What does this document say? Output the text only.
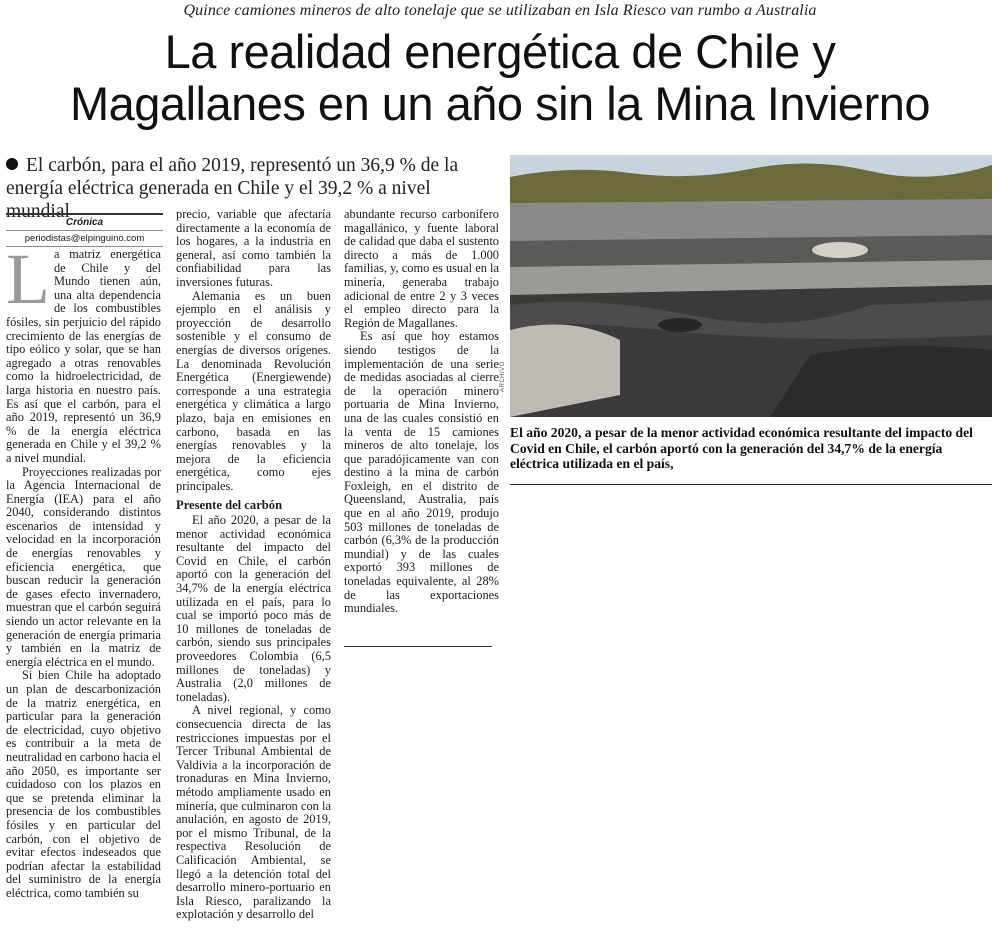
Quince camiones mineros de alto tonelaje que se utilizaban en Isla Riesco van rumbo a Australia
La realidad energética de Chile y
Magallanes en un año sin la Mina Invierno
El carbón, para el año 2019, representó un 36,9 % de la energía eléctrica generada en Chile y el 39,2 % a nivel mundial
Crónica
periodistas@elpinguino.com
L a matriz energética de Chile y del Mundo tienen aún, una alta dependencia de los combustibles fósiles, sin perjuicio del rápido crecimiento de las energías de tipo eólico y solar, que se han agregado a otras renovables como la hidroelectricidad, de larga historia en nuestro país. Es así que el carbón, para el año 2019, representó un 36,9 % de la energía eléctrica generada en Chile y el 39,2 % a nivel mundial.

Proyecciones realizadas por la Agencia Internacional de Energía (IEA) para el año 2040, considerando distintos escenarios de intensidad y velocidad en la incorporación de energías renovables y eficiencia energética, que buscan reducir la generación de gases efecto invernadero, muestran que el carbón seguirá siendo un actor relevante en la generación de energía primaria y también en la matriz de energía eléctrica en el mundo.

Si bien Chile ha adoptado un plan de descarbonización de la matriz energética, en particular para la generación de electricidad, cuyo objetivo es contribuir a la meta de neutralidad en carbono hacia el año 2050, es importante ser cuidadoso con los plazos en que se pretenda eliminar la presencia de los combustibles fósiles y en particular del carbón, con el objetivo de evitar efectos indeseados que podrían afectar la estabilidad del suministro de la energía eléctrica, como también su

precio, variable que afectaría directamente a la economía de los hogares, a la industria en general, así como también la confiabilidad para las inversiones futuras.

Alemania es un buen ejemplo en el análisis y proyección de desarrollo sostenible y el consumo de energías de diversos orígenes. La denominada Revolución Energética (Energiewende) corresponde a una estrategia energética y climática a largo plazo, baja en emisiones en carbono, basada en las energías renovables y la mejora de la eficiencia energética, como ejes principales.

Presente del carbón

El año 2020, a pesar de la menor actividad económica resultante del impacto del Covid en Chile, el carbón aportó con la generación del 34,7% de la energía eléctrica utilizada en el país, para lo cual se importó poco más de 10 millones de toneladas de carbón, siendo sus principales proveedores Colombia (6,5 millones de toneladas) y Australia (2,0 millones de toneladas).

A nivel regional, y como consecuencia directa de las restricciones impuestas por el Tercer Tribunal Ambiental de Valdivia a la incorporación de tronaduras en Mina Invierno, método ampliamente usado en minería, que culminaron con la anulación, en agosto de 2019, por el mismo Tribunal, de la respectiva Resolución de Calificación Ambiental, se llegó a la detención total del desarrollo minero-portuario en Isla Riesco, paralizando la explotación y desarrollo del

abundante recurso carbonífero magallánico, y fuente laboral de calidad que daba el sustento directo a más de 1.000 familias, y, como es usual en la minería, generaba trabajo adicional de entre 2 y 3 veces el empleo directo para la Región de Magallanes.

Es así que hoy estamos siendo testigos de la implementación de una serie de medidas asociadas al cierre de la operación minero portuaria de Mina Invierno, una de las cuales consistió en la venta de 15 camiones mineros de alto tonelaje, los que paradójicamente van con destino a la mina de carbón Foxleigh, en el distrito de Queensland, Australia, país que en al año 2019, produjo 503 millones de toneladas de carbón (6,3% de la producción mundial) y de las cuales exportó 393 millones de toneladas equivalente, al 28% de las exportaciones mundiales.

ARCHIVO
El año 2020, a pesar de la menor actividad económica resultante del impacto del Covid en Chile, el carbón aportó con la generación del 34,7% de la energía eléctrica utilizada en el país,
